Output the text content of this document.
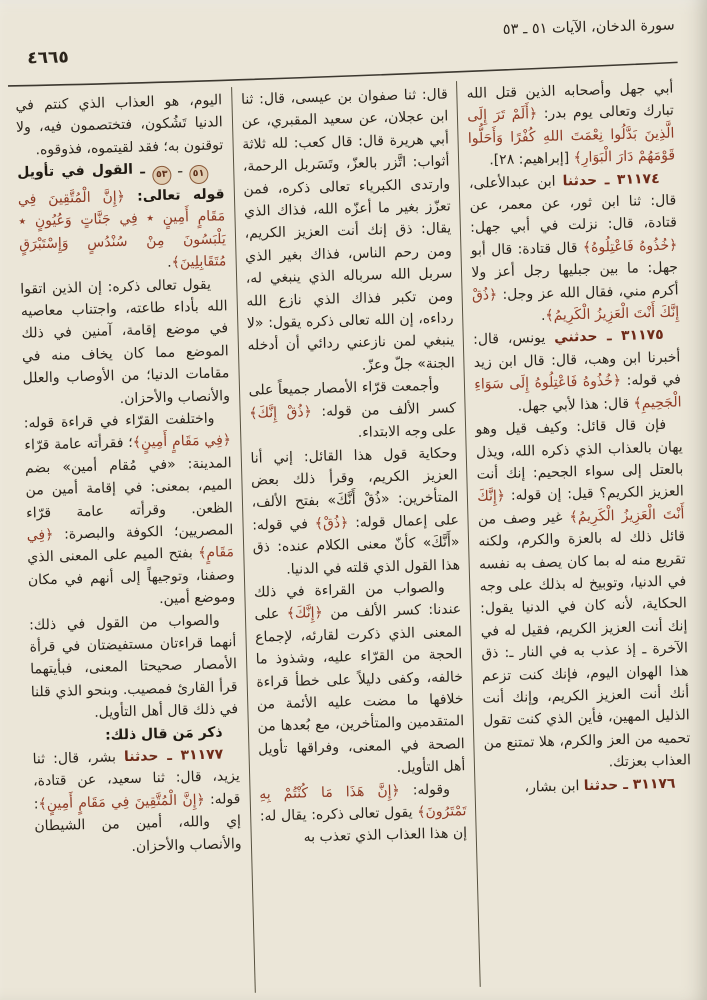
٤٦٦٥
سورة الدخان، الآيات ٥١ ـ ٥٣

أبي جهل وأصحابه الذين قتل الله تبارك وتعالى يوم بدر: ﴿أَلَمْ تَرَ إِلَى الَّذِينَ بَدَّلُوا نِعْمَتَ اللهِ كُفْرًا وَأَحَلُّوا قَوْمَهُمْ دَارَ الْبَوَارِ﴾ [إبراهيم: ٢٨].

٣١١٧٤ ـ حدثنا ابن عبدالأعلى، قال: ثنا ابن ثور، عن معمر، عن قتادة، قال: نزلت في أبي جهل: ﴿خُذُوهُ فَاعْتِلُوهُ﴾ قال قتادة: قال أبو جهل: ما بين جبليها رجل أعز ولا أكرم مني، فقال الله عز وجل: ﴿ذُقْ إِنَّكَ أَنْتَ الْعَزِيزُ الْكَرِيمُ﴾.

٣١١٧٥ ـ حدثني يونس، قال: أخبرنا ابن وهب، قال: قال ابن زيد في قوله: ﴿خُذُوهُ فَاعْتِلُوهُ إِلَى سَوَاءِ الْجَحِيمِ﴾ قال: هذا لأبي جهل.

فإن قال قائل: وكيف قيل وهو يهان بالعذاب الذي ذكره الله، ويذل بالعتل إلى سواء الجحيم: إنك أنت العزيز الكريم؟ قيل: إن قوله: ﴿إِنَّكَ أَنْتَ الْعَزِيزُ الْكَرِيمُ﴾ غير وصف من قائل ذلك له بالعزة والكرم، ولكنه تقريع منه له بما كان يصف به نفسه في الدنيا، وتوبيخ له بذلك على وجه الحكاية، لأنه كان في الدنيا يقول: إنك أنت العزيز الكريم، فقيل له في الآخرة ـ إذ عذب به في النار ـ: ذق هذا الهوان اليوم، فإنك كنت تزعم أنك أنت العزيز الكريم، وإنك أنت الذليل المهين، فأين الذي كنت تقول تحميه من العز والكرم، هلا تمتنع من العذاب بعزتك.

٣١١٧٦ ـ حدثنا ابن بشار،

قال: ثنا صفوان بن عيسى، قال: ثنا ابن عجلان، عن سعيد المقبري، عن أبي هريرة قال: قال كعب: لله ثلاثة أثواب: اتَّزر بالعزّ، وتَسَربل الرحمة، وارتدى الكبرياء تعالى ذكره، فمن تعزّز بغير ما أعزّه الله، فذاك الذي يقال: ذق إنك أنت العزيز الكريم، ومن رحم الناس، فذاك بغير الذي سربل الله سرباله الذي ينبغي له، ومن تكبر فذاك الذي نازع الله رداءه، إن الله تعالى ذكره يقول: «لا ينبغي لمن نازعني ردائي أن أدخله الجنة» جلّ وعزّ.

وأجمعت قرّاء الأمصار جميعاً على كسر الألف من قوله: ﴿ذُقْ إِنَّكَ﴾ على وجه الابتداء.

وحكاية قول هذا القائل: إني أنا العزيز الكريم، وقرأ ذلك بعض المتأخرين: «ذُقْ أَنَّكَ» بفتح الألف، على إعمال قوله: ﴿ذُقْ﴾ في قوله: «أَنَّكَ» كأنّ معنى الكلام عنده: ذق هذا القول الذي قلته في الدنيا.

والصواب من القراءة في ذلك عندنا: كسر الألف من ﴿إِنَّكَ﴾ على المعنى الذي ذكرت لقارئه، لإجماع الحجة من القرّاء عليه، وشذوذ ما خالفه، وكفى دليلاً على خطأ قراءة خلافها ما مضت عليه الأئمة من المتقدمين والمتأخرين، مع بُعدها من الصحة في المعنى، وفراقها تأويل أهل التأويل.

وقوله: ﴿إِنَّ هَذَا مَا كُنْتُمْ بِهِ تَمْتَرُونَ﴾ يقول تعالى ذكره: يقال له: إن هذا العذاب الذي تعذب به

اليوم، هو العذاب الذي كنتم في الدنيا تَشُكون، فتختصمون فيه، ولا توقنون به؛ فقد لقيتموه، فذوقوه.

٥١ ـ ٥٣ ـ القول في تأويل قوله تعالى: ﴿إِنَّ الْمُتَّقِينَ فِي مَقَامٍ أَمِينٍ ٭ فِي جَنَّاتٍ وَعُيُونٍ ٭ يَلْبَسُونَ مِنْ سُنْدُسٍ وَإِسْتَبْرَقٍ مُتَقَابِلِينَ﴾.

يقول تعالى ذكره: إن الذين اتقوا الله بأداء طاعته، واجتناب معاصيه في موضع إقامة، آمنين في ذلك الموضع مما كان يخاف منه في مقامات الدنيا؛ من الأوصاب والعلل والأنصاب والأحزان.

واختلفت القرّاء في قراءة قوله: ﴿فِي مَقَامٍ أَمِينٍ﴾؛ فقرأته عامة قرّاء المدينة: «في مُقام أمين» بضم الميم، بمعنى: في إقامة أمين من الظعن. وقرأته عامة قرّاء المصريين؛ الكوفة والبصرة: ﴿فِي مَقَامٍ﴾ بفتح الميم على المعنى الذي وصفنا، وتوجيهاً إلى أنهم في مكان وموضع أمين.

والصواب من القول في ذلك: أنهما قراءتان مستفيضتان في قرأة الأمصار صحيحتا المعنى، فبأيتهما قرأ القارئ فمصيب. وبنحو الذي قلنا في ذلك قال أهل التأويل.

ذكر مَن قال ذلك:

٣١١٧٧ ـ حدثنا بشر، قال: ثنا يزيد، قال: ثنا سعيد، عن قتادة، قوله: ﴿إِنَّ الْمُتَّقِينَ فِي مَقَامٍ أَمِينٍ﴾: إي والله، أمين من الشيطان والأنصاب والأحزان.
